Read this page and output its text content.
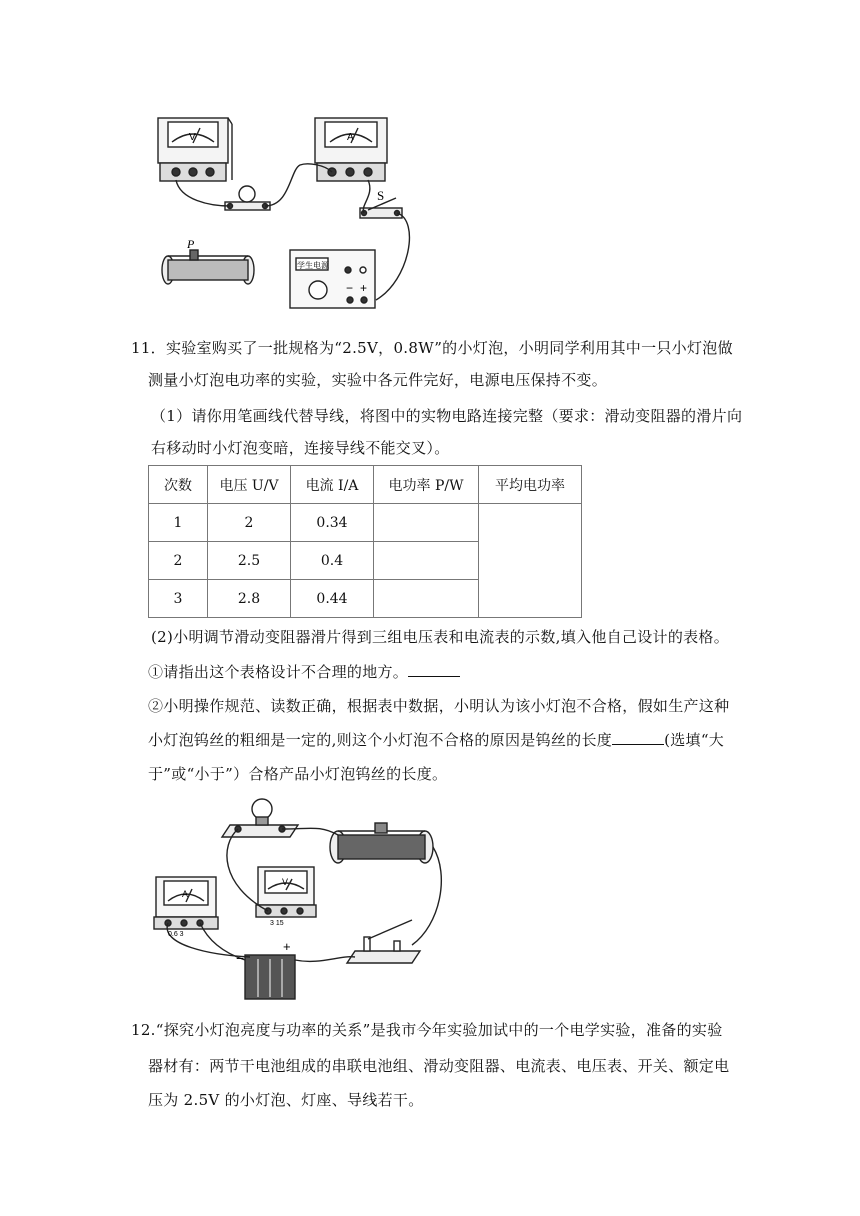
S
P
学生电源
V	A
− +
11．实验室购买了一批规格为“2.5V，0.8W”的小灯泡，小明同学利用其中一只小灯泡做
测量小灯泡电功率的实验，实验中各元件完好，电源电压保持不变。
（1）请你用笔画线代替导线，将图中的实物电路连接完整（要求：滑动变阻器的滑片向
右移动时小灯泡变暗，连接导线不能交叉）。
次数	电压 U/V	电流 I/A	电功率 P/W	平均电功率
1	2	0.34		
2	2.5	0.4		
3	2.8	0.44		
(2)小明调节滑动变阻器滑片得到三组电压表和电流表的示数,填入他自己设计的表格。
①请指出这个表格设计不合理的地方。
②小明操作规范、读数正确，根据表中数据，小明认为该小灯泡不合格，假如生产这种
小灯泡钨丝的粗细是一定的,则这个小灯泡不合格的原因是钨丝的长度	(选填“大
于”或“小于”）合格产品小灯泡钨丝的长度。
A
V
−
+
3 15
0.6 3
12.“探究小灯泡亮度与功率的关系”是我市今年实验加试中的一个电学实验，准备的实验
器材有：两节干电池组成的串联电池组、滑动变阻器、电流表、电压表、开关、额定电
压为 2.5V 的小灯泡、灯座、导线若干。
